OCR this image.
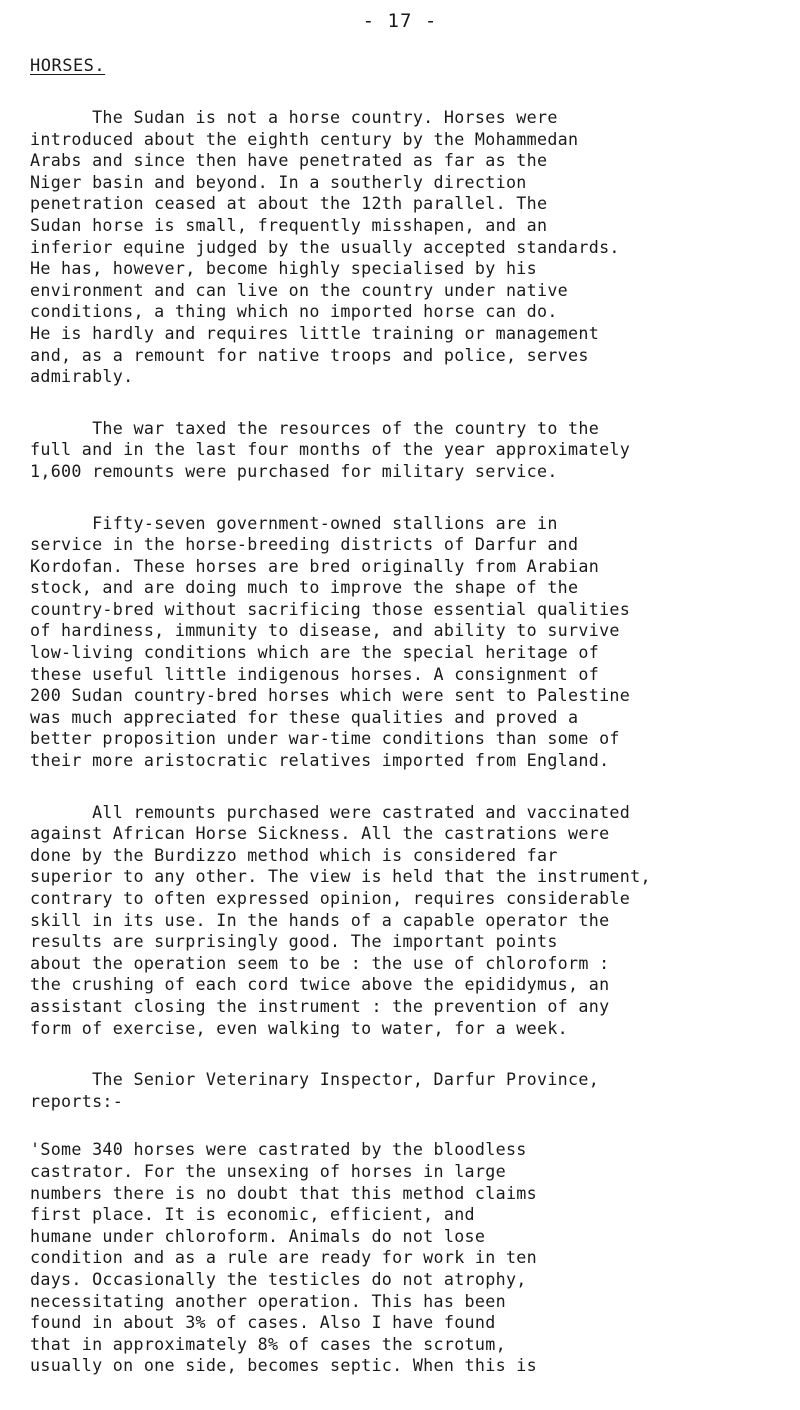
- 17 -
HORSES.
The Sudan is not a horse country. Horses were
introduced about the eighth century by the Mohammedan
Arabs and since then have penetrated as far as the
Niger basin and beyond. In a southerly direction
penetration ceased at about the 12th parallel. The
Sudan horse is small, frequently misshapen, and an
inferior equine judged by the usually accepted standards.
He has, however, become highly specialised by his
environment and can live on the country under native
conditions, a thing which no imported horse can do.
He is hardly and requires little training or management
and, as a remount for native troops and police, serves
admirably.
The war taxed the resources of the country to the
full and in the last four months of the year approximately
1,600 remounts were purchased for military service.
Fifty-seven government-owned stallions are in
service in the horse-breeding districts of Darfur and
Kordofan. These horses are bred originally from Arabian
stock, and are doing much to improve the shape of the
country-bred without sacrificing those essential qualities
of hardiness, immunity to disease, and ability to survive
low-living conditions which are the special heritage of
these useful little indigenous horses. A consignment of
200 Sudan country-bred horses which were sent to Palestine
was much appreciated for these qualities and proved a
better proposition under war-time conditions than some of
their more aristocratic relatives imported from England.
All remounts purchased were castrated and vaccinated
against African Horse Sickness. All the castrations were
done by the Burdizzo method which is considered far
superior to any other. The view is held that the instrument,
contrary to often expressed opinion, requires considerable
skill in its use. In the hands of a capable operator the
results are surprisingly good. The important points
about the operation seem to be : the use of chloroform :
the crushing of each cord twice above the epididymus, an
assistant closing the instrument : the prevention of any
form of exercise, even walking to water, for a week.
The Senior Veterinary Inspector, Darfur Province,
reports:-
'Some 340 horses were castrated by the bloodless
castrator. For the unsexing of horses in large
numbers there is no doubt that this method claims
first place. It is economic, efficient, and
humane under chloroform. Animals do not lose
condition and as a rule are ready for work in ten
days. Occasionally the testicles do not atrophy,
necessitating another operation. This has been
found in about 3% of cases. Also I have found
that in approximately 8% of cases the scrotum,
usually on one side, becomes septic. When this is
